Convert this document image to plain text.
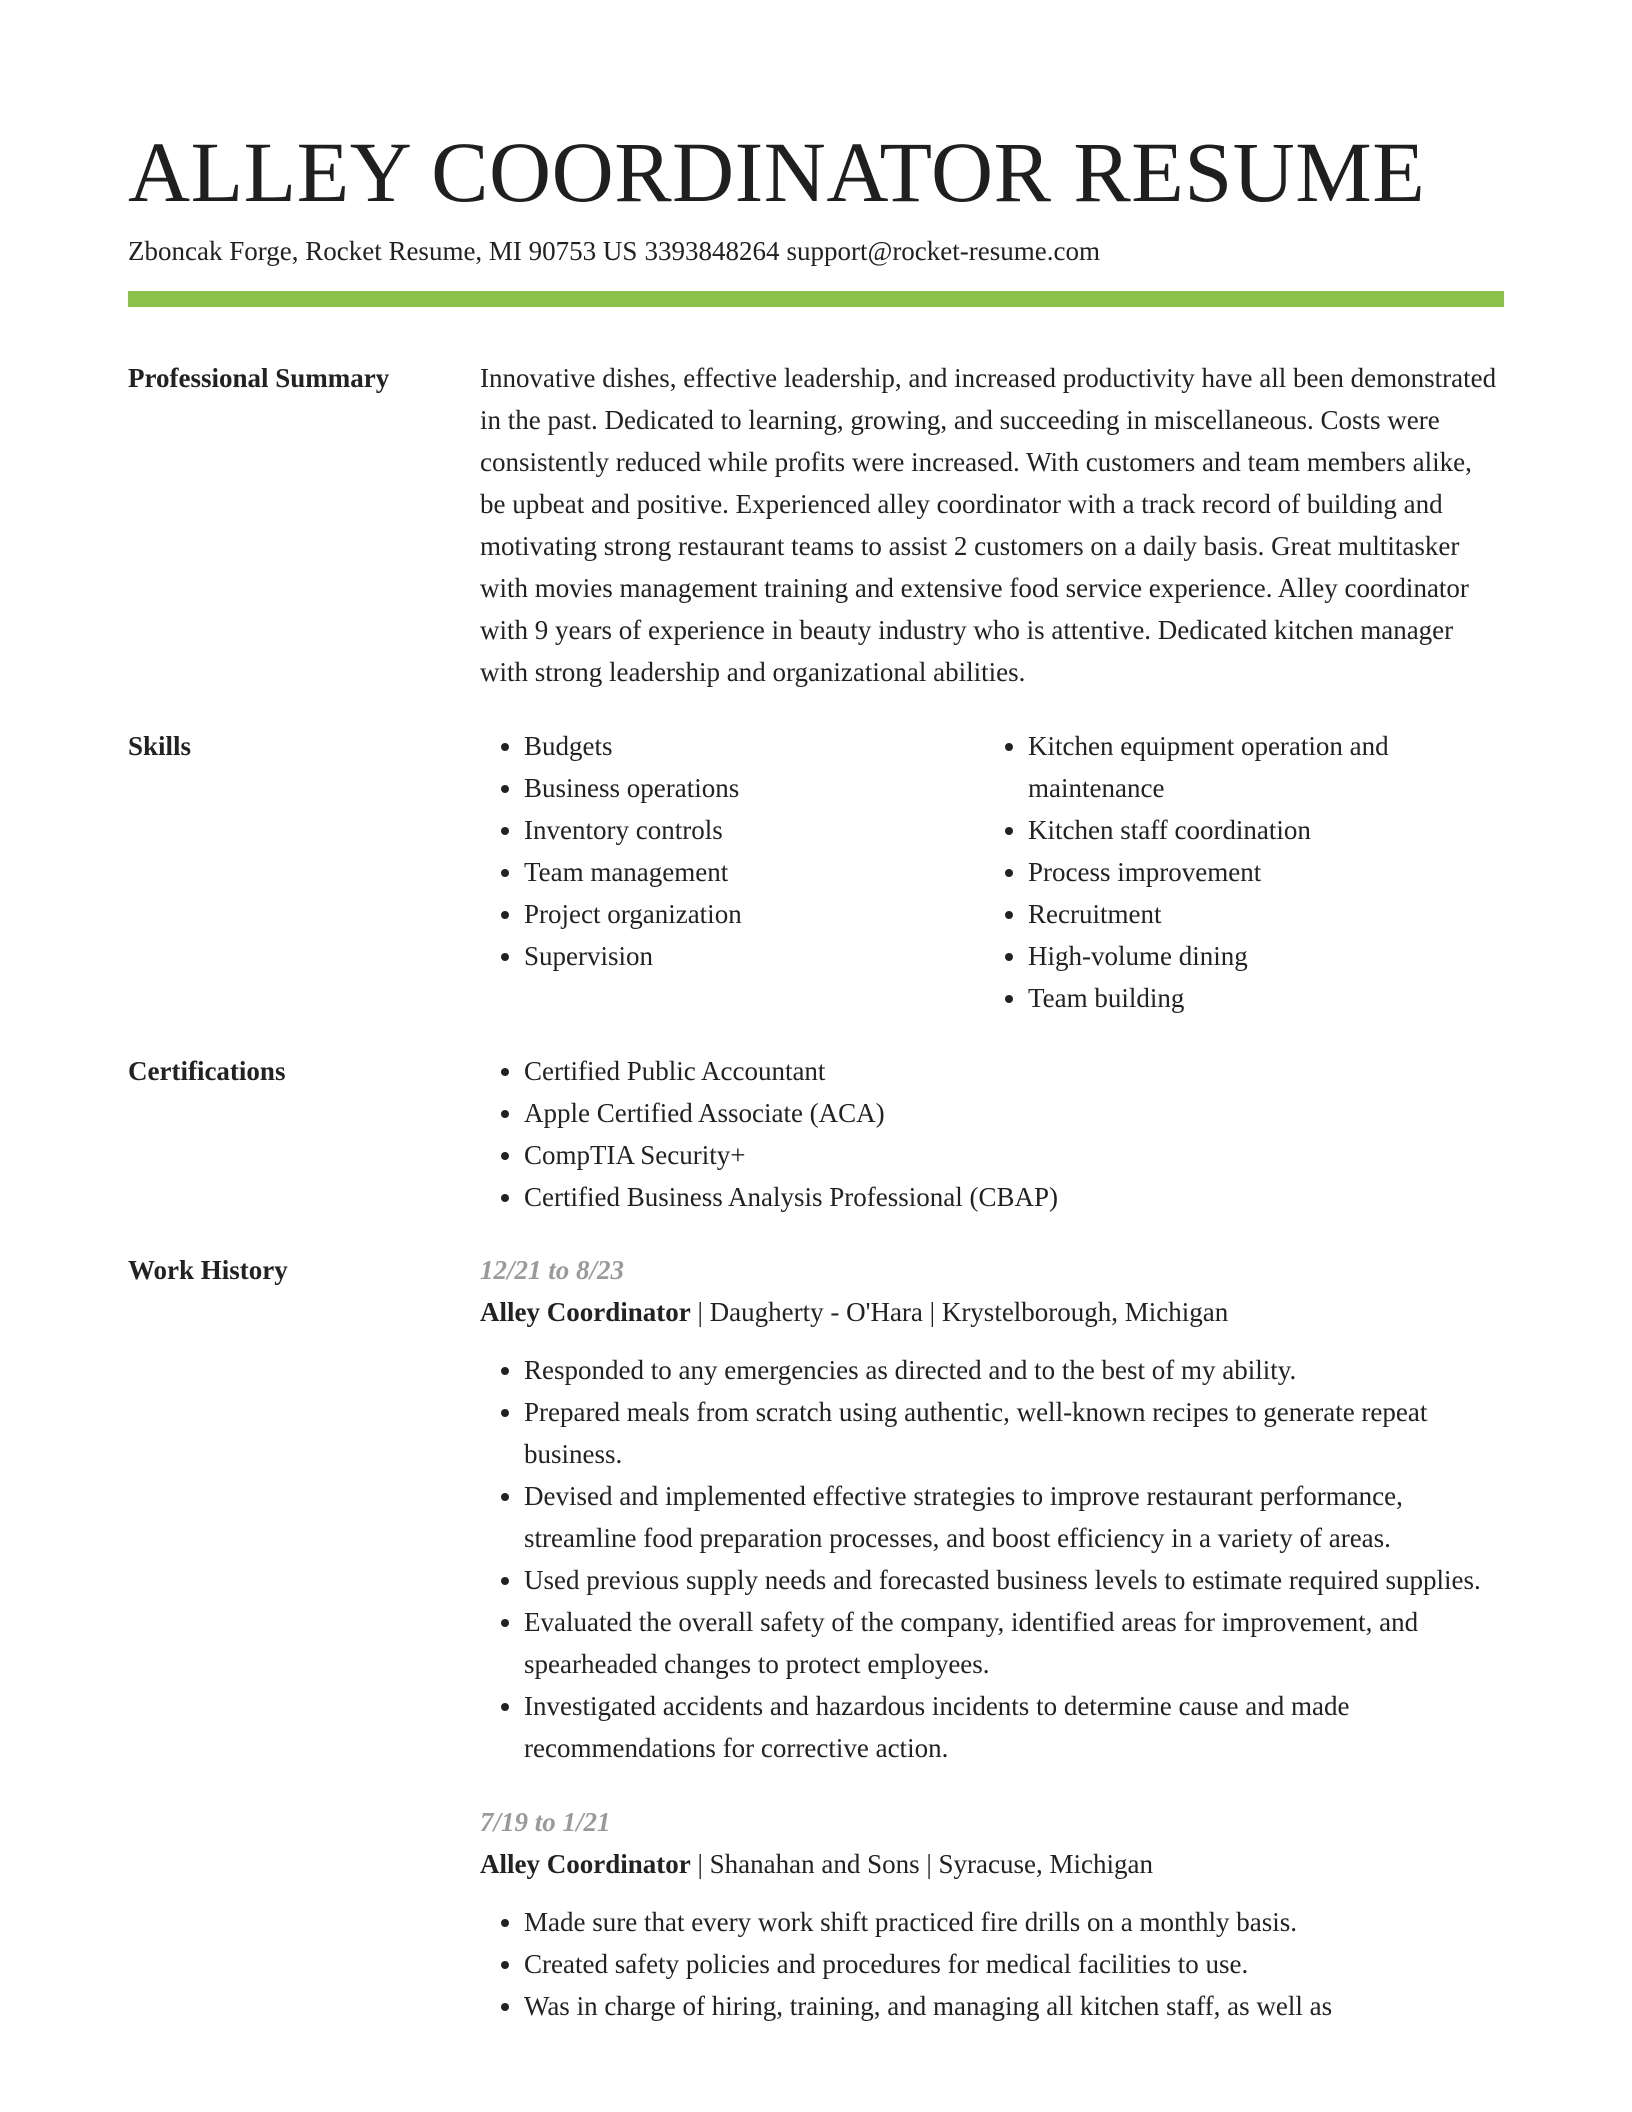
ALLEY COORDINATOR RESUME
Zboncak Forge, Rocket Resume, MI 90753 US 3393848264 support@rocket-resume.com
Professional Summary	Innovative dishes, effective leadership, and increased productivity have all been demonstrated in the past. Dedicated to learning, growing, and succeeding in miscellaneous. Costs were consistently reduced while profits were increased. With customers and team members alike, be upbeat and positive. Experienced alley coordinator with a track record of building and motivating strong restaurant teams to assist 2 customers on a daily basis. Great multitasker with movies management training and extensive food service experience. Alley coordinator with 9 years of experience in beauty industry who is attentive. Dedicated kitchen manager with strong leadership and organizational abilities.

Skills	• Budgets
• Business operations
• Inventory controls
• Team management
• Project organization
• Supervision
• Kitchen equipment operation and maintenance
• Kitchen staff coordination
• Process improvement
• Recruitment
• High-volume dining
• Team building
Certifications	• Certified Public Accountant
• Apple Certified Associate (ACA)
• CompTIA Security+
• Certified Business Analysis Professional (CBAP)
Work History	12/21 to 8/23
Alley Coordinator | Daugherty - O'Hara | Krystelborough, Michigan
• Responded to any emergencies as directed and to the best of my ability.
• Prepared meals from scratch using authentic, well-known recipes to generate repeat business.
• Devised and implemented effective strategies to improve restaurant performance, streamline food preparation processes, and boost efficiency in a variety of areas.
• Used previous supply needs and forecasted business levels to estimate required supplies.
• Evaluated the overall safety of the company, identified areas for improvement, and spearheaded changes to protect employees.
• Investigated accidents and hazardous incidents to determine cause and made recommendations for corrective action.
7/19 to 1/21
Alley Coordinator | Shanahan and Sons | Syracuse, Michigan
• Made sure that every work shift practiced fire drills on a monthly basis.
• Created safety policies and procedures for medical facilities to use.
• Was in charge of hiring, training, and managing all kitchen staff, as well as
